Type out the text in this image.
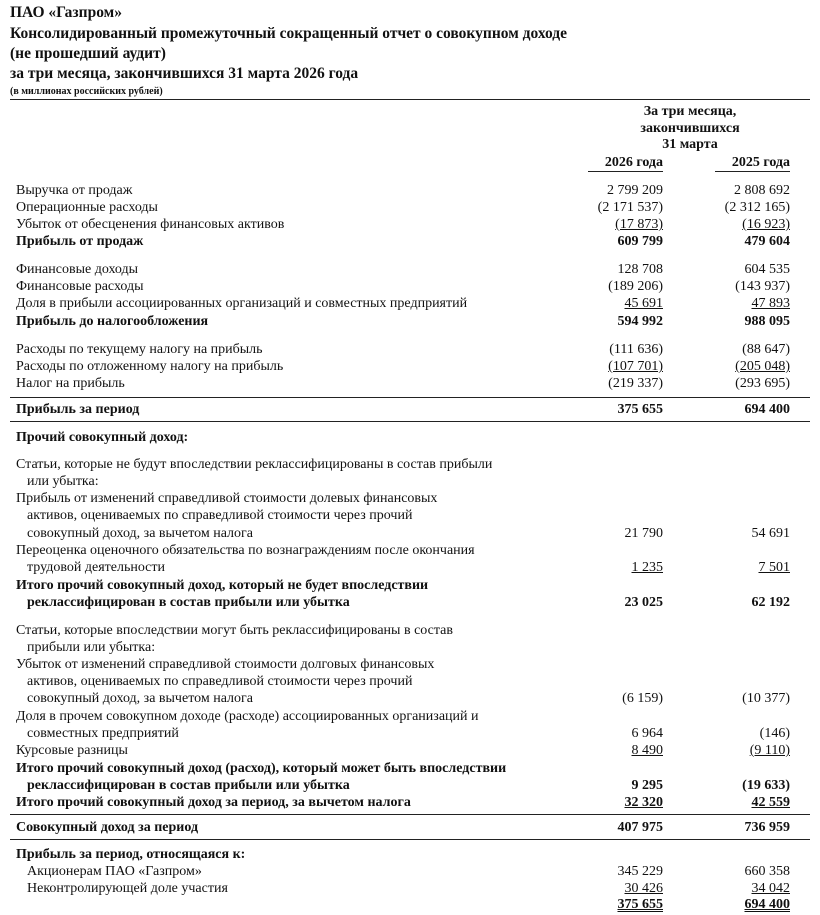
ПАО «Газпром»
Консолидированный промежуточный сокращенный отчет о совокупном доходе
(не прошедший аудит)
за три месяца, закончившихся 31 марта 2026 года
(в миллионах российских рублей)
За три месяца,
закончившихся
31 марта
2026 года	2025 года
Выручка от продаж	2 799 209	2 808 692
Операционные расходы	(2 171 537)	(2 312 165)
Убыток от обесценения финансовых активов	(17 873)	(16 923)
Прибыль от продаж	609 799	479 604
Финансовые доходы	128 708	604 535
Финансовые расходы	(189 206)	(143 937)
Доля в прибыли ассоциированных организаций и совместных предприятий	45 691	47 893
Прибыль до налогообложения	594 992	988 095
Расходы по текущему налогу на прибыль	(111 636)	(88 647)
Расходы по отложенному налогу на прибыль	(107 701)	(205 048)
Налог на прибыль	(219 337)	(293 695)
Прибыль за период	375 655	694 400
Прочий совокупный доход:
Статьи, которые не будут впоследствии реклассифицированы в состав прибыли
или убытка:
Прибыль от изменений справедливой стоимости долевых финансовых
активов, оцениваемых по справедливой стоимости через прочий
совокупный доход, за вычетом налога	21 790	54 691
Переоценка оценочного обязательства по вознаграждениям после окончания
трудовой деятельности	1 235	7 501
Итого прочий совокупный доход, который не будет впоследствии
реклассифицирован в состав прибыли или убытка	23 025	62 192
Статьи, которые впоследствии могут быть реклассифицированы в состав
прибыли или убытка:
Убыток от изменений справедливой стоимости долговых финансовых
активов, оцениваемых по справедливой стоимости через прочий
совокупный доход, за вычетом налога	(6 159)	(10 377)
Доля в прочем совокупном доходе (расходе) ассоциированных организаций и
совместных предприятий	6 964	(146)
Курсовые разницы	8 490	(9 110)
Итого прочий совокупный доход (расход), который может быть впоследствии
реклассифицирован в состав прибыли или убытка	9 295	(19 633)
Итого прочий совокупный доход за период, за вычетом налога	32 320	42 559
Совокупный доход за период	407 975	736 959
Прибыль за период, относящаяся к:
Акционерам ПАО «Газпром»	345 229	660 358
Неконтролирующей доле участия	30 426	34 042
375 655	694 400
